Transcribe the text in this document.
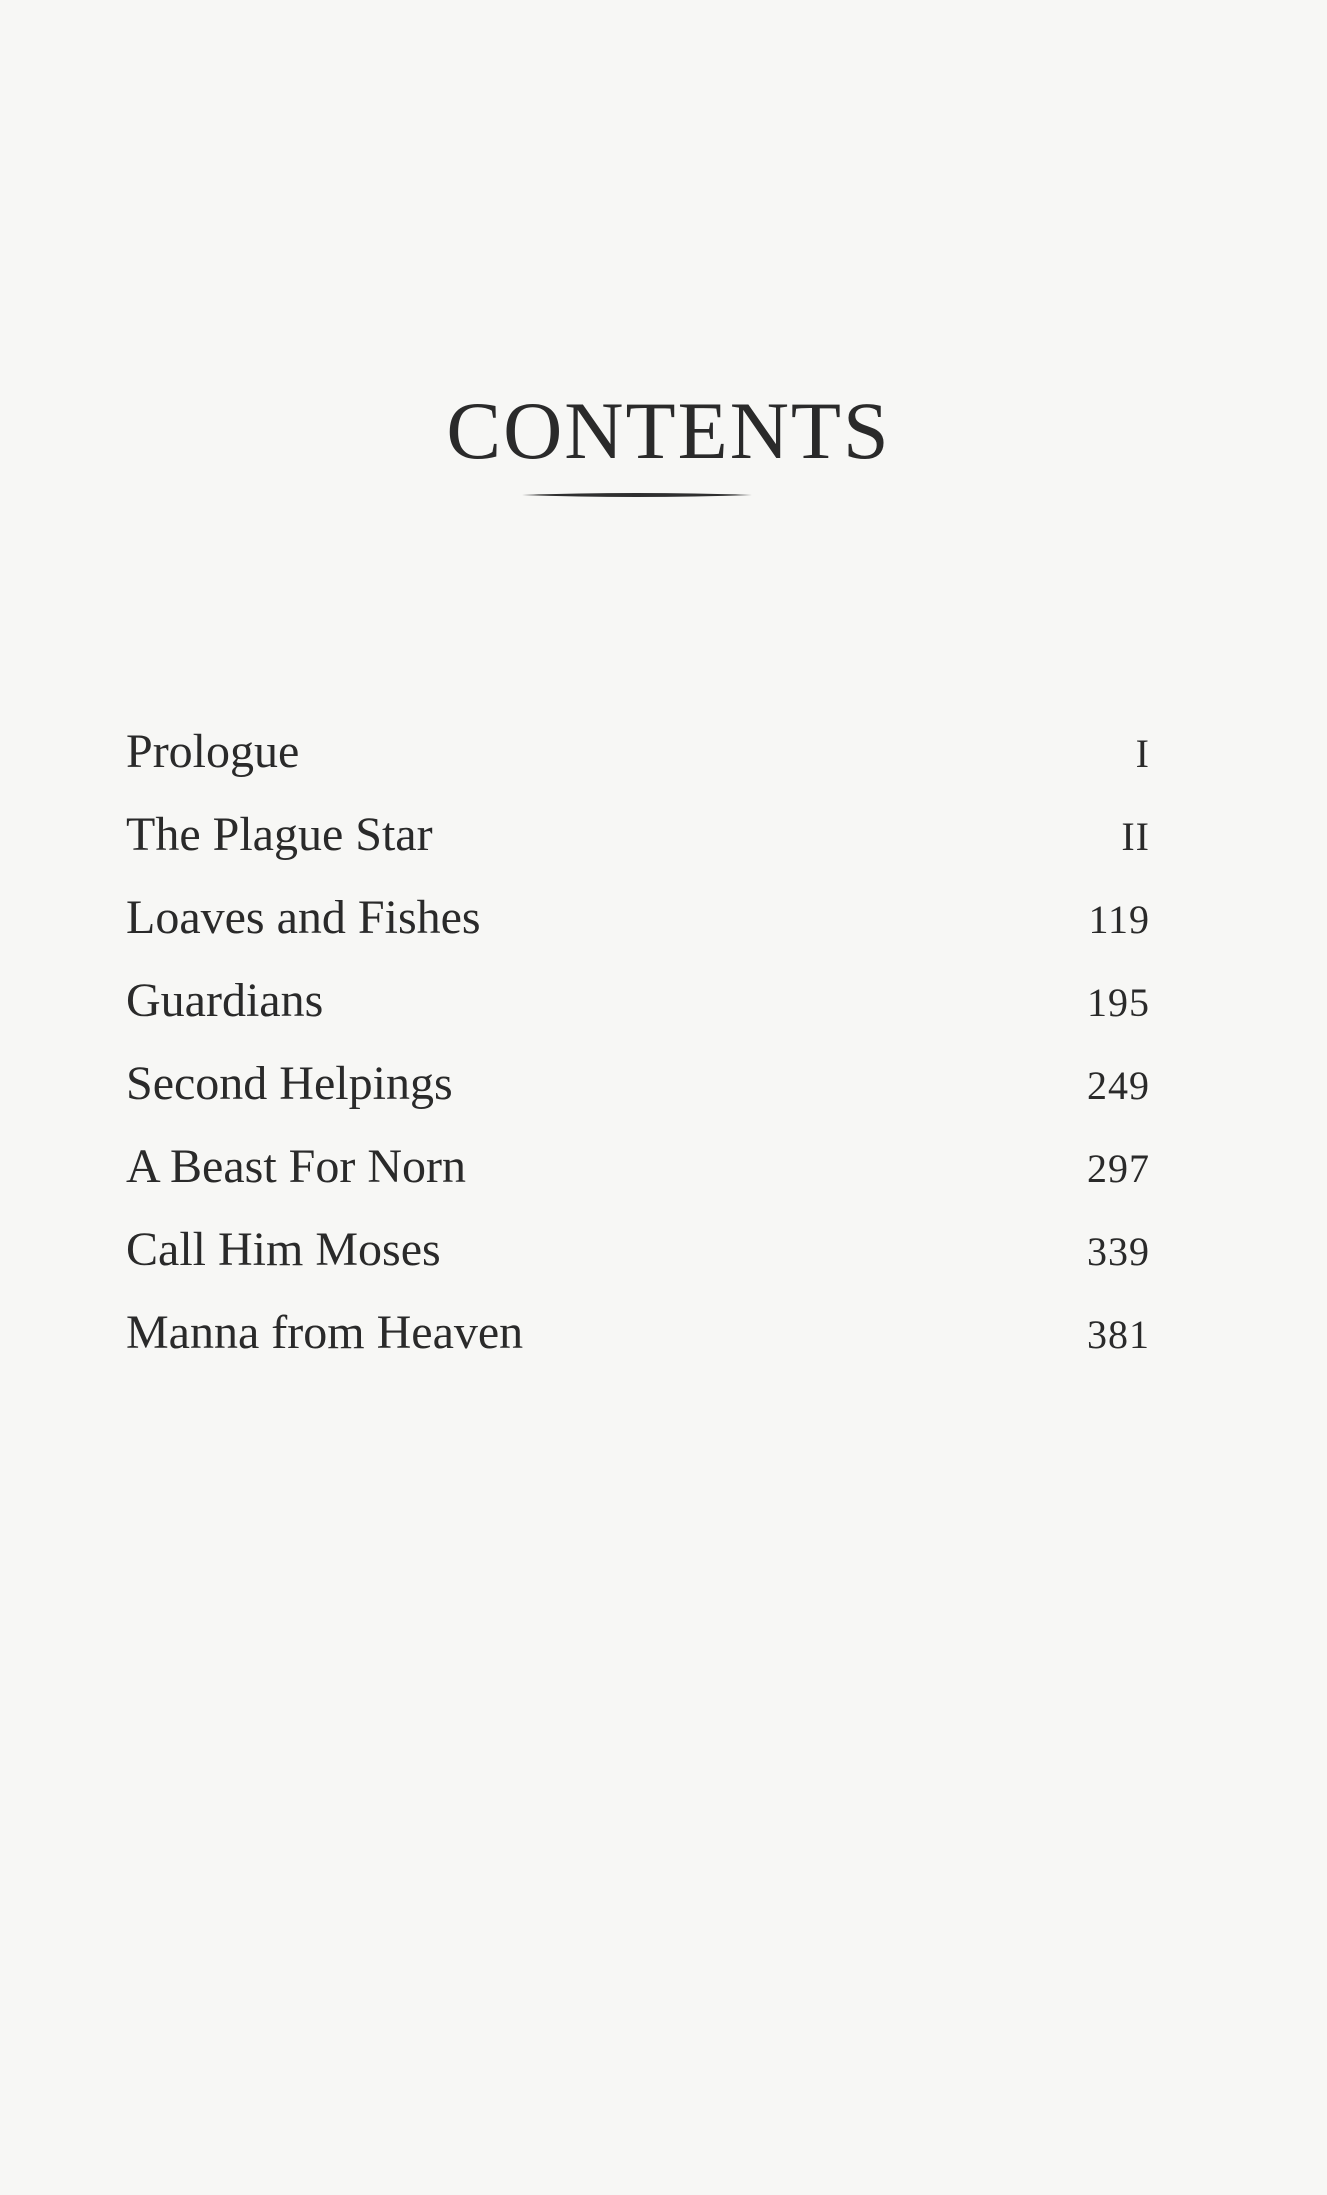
CONTENTS
Prologue	I
The Plague Star	II
Loaves and Fishes	119
Guardians	195
Second Helpings	249
A Beast For Norn	297
Call Him Moses	339
Manna from Heaven	381
